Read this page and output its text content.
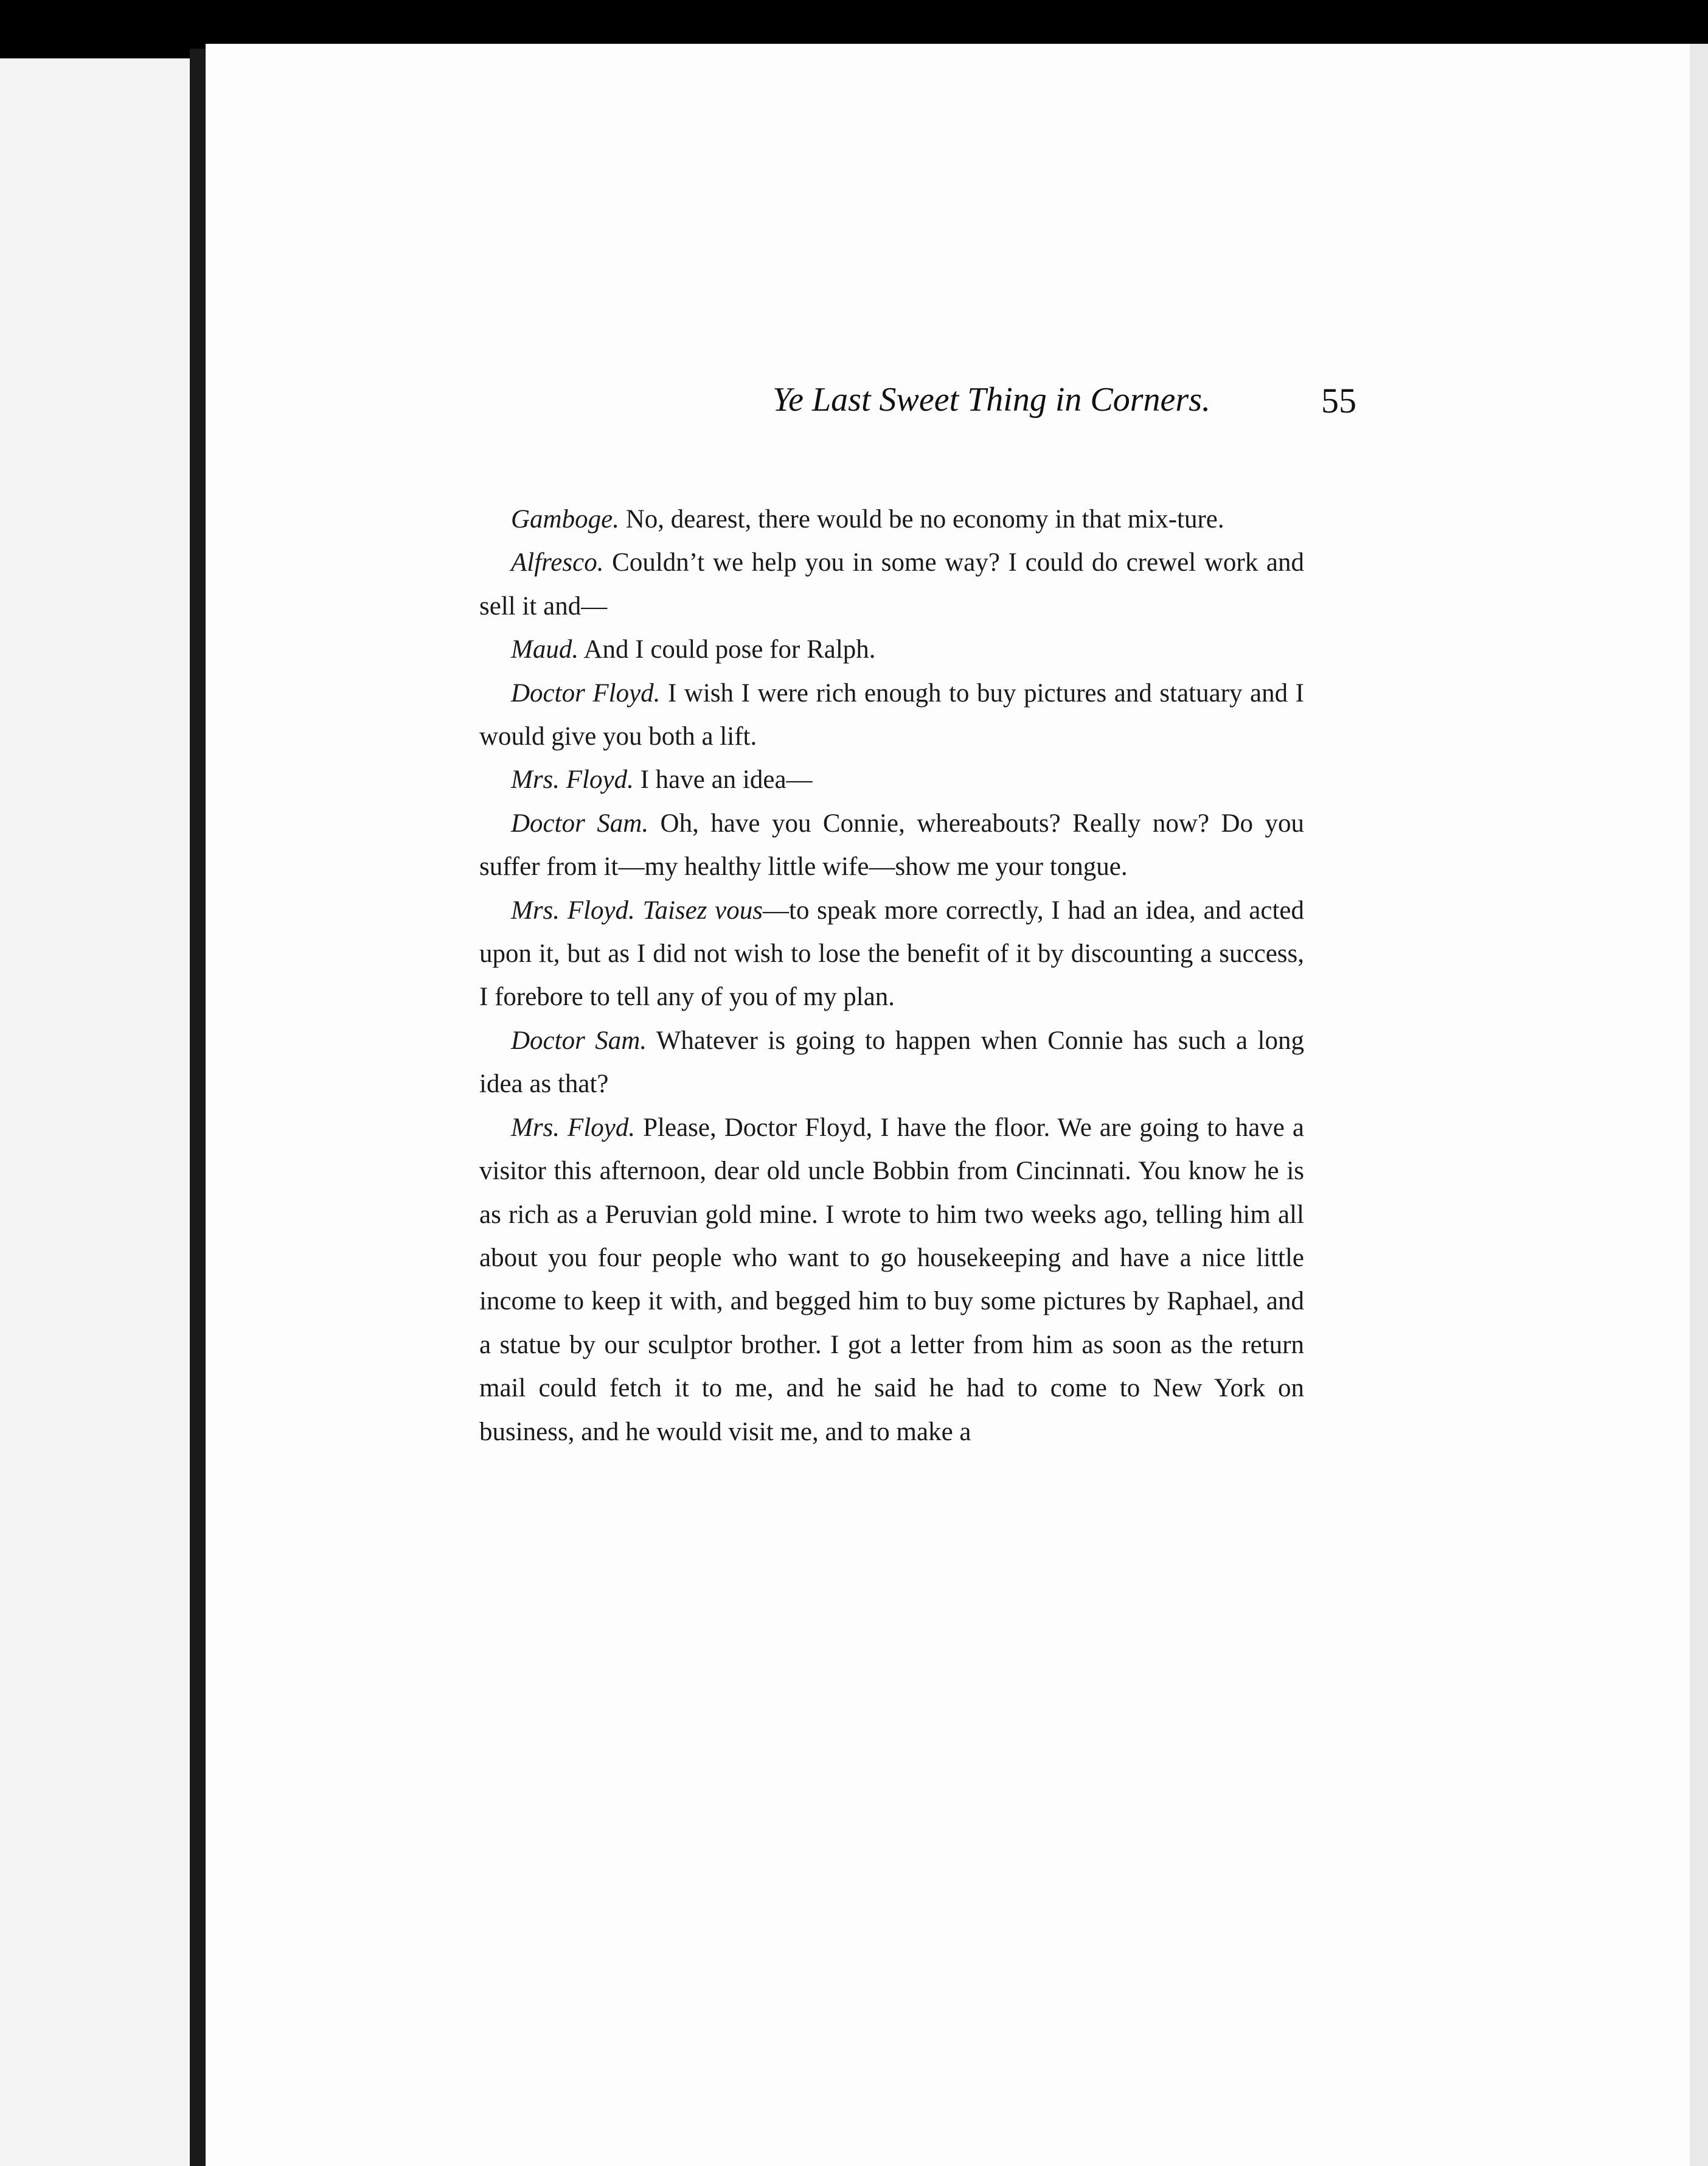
Ye Last Sweet Thing in Corners.	55

Gamboge. No, dearest, there would be no economy in that mix-ture.

Alfresco. Couldn’t we help you in some way? I could do crewel work and sell it and—

Maud. And I could pose for Ralph.

Doctor Floyd. I wish I were rich enough to buy pictures and statuary and I would give you both a lift.

Mrs. Floyd. I have an idea—

Doctor Sam. Oh, have you Connie, whereabouts? Really now? Do you suffer from it—my healthy little wife—show me your tongue.

Mrs. Floyd. Taisez vous—to speak more correctly, I had an idea, and acted upon it, but as I did not wish to lose the benefit of it by discounting a success, I forebore to tell any of you of my plan.

Doctor Sam. Whatever is going to happen when Connie has such a long idea as that?

Mrs. Floyd. Please, Doctor Floyd, I have the floor. We are going to have a visitor this afternoon, dear old uncle Bobbin from Cincinnati. You know he is as rich as a Peruvian gold mine. I wrote to him two weeks ago, telling him all about you four people who want to go housekeeping and have a nice little income to keep it with, and begged him to buy some pictures by Raphael, and a statue by our sculptor brother. I got a letter from him as soon as the return mail could fetch it to me, and he said he had to come to New York on business, and he would visit me, and to make a
